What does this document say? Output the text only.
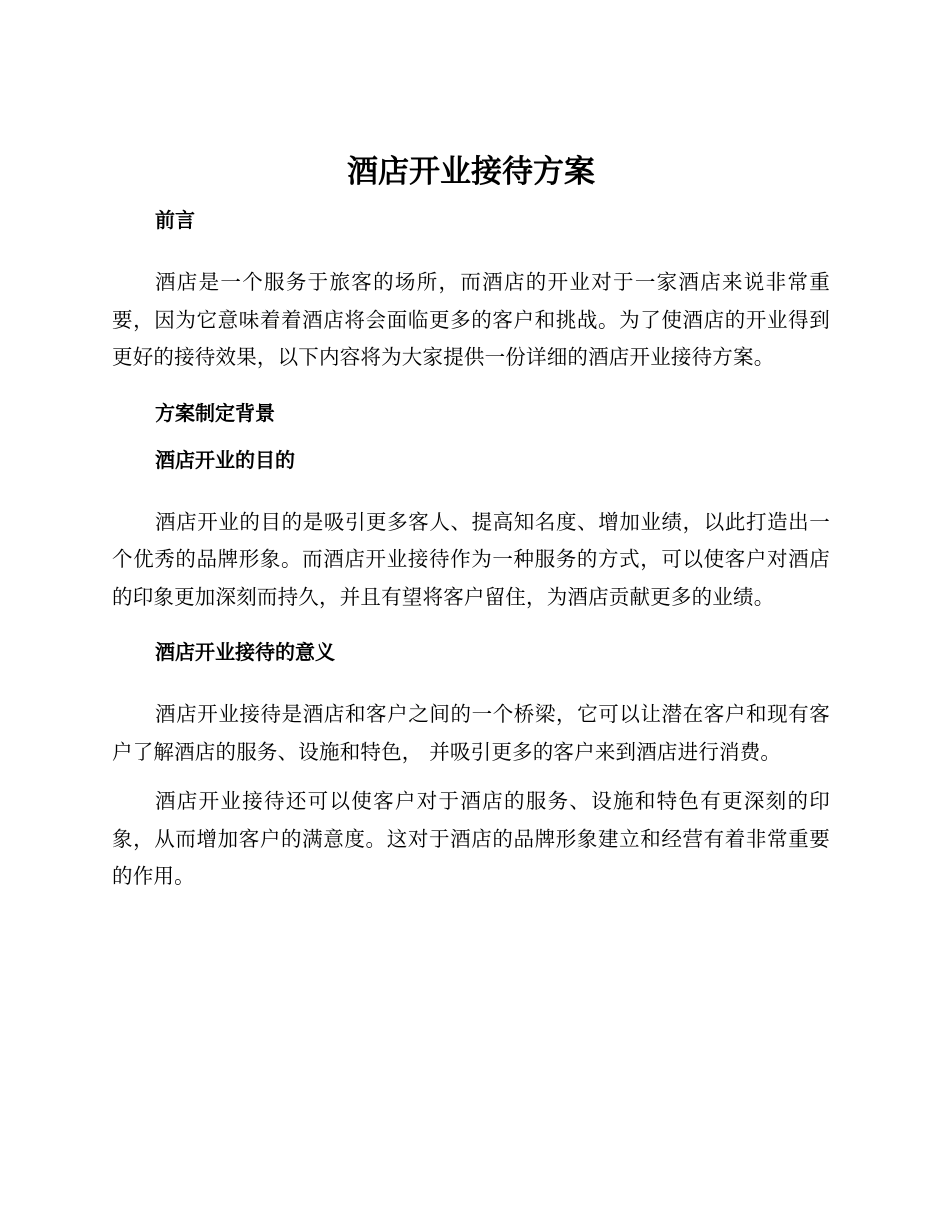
酒店开业接待方案
前言

酒店是一个服务于旅客的场所，而酒店的开业对于一家酒店来说非常重要，因为它意味着着酒店将会面临更多的客户和挑战。为了使酒店的开业得到更好的接待效果，以下内容将为大家提供一份详细的酒店开业接待方案。

方案制定背景
酒店开业的目的

酒店开业的目的是吸引更多客人、提高知名度、增加业绩，以此打造出一个优秀的品牌形象。而酒店开业接待作为一种服务的方式，可以使客户对酒店的印象更加深刻而持久，并且有望将客户留住，为酒店贡献更多的业绩。

酒店开业接待的意义

酒店开业接待是酒店和客户之间的一个桥梁，它可以让潜在客户和现有客户了解酒店的服务、设施和特色， 并吸引更多的客户来到酒店进行消费。

酒店开业接待还可以使客户对于酒店的服务、设施和特色有更深刻的印象，从而增加客户的满意度。这对于酒店的品牌形象建立和经营有着非常重要的作用。
